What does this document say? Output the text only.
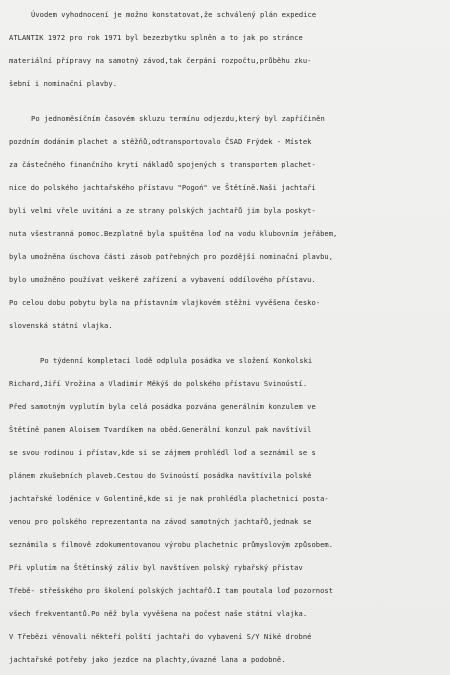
Úvodem vyhodnocení je možno konstatovat,že schválený plán expedice
ATLANTIK 1972 pro rok 1971 byl bezezbytku splněn a to jak po stránce
materiální přípravy na samotný závod,tak čerpání rozpočtu,průběhu zku-
šební i nominační plavby.
Po jednoměsíčním časovém skluzu termínu odjezdu,který byl zapříčiněn
pozdním dodáním plachet a stěžňů,odtransportovalo ČSAD Frýdek - Místek
za částečného finančního krytí nákladů spojených s transportem plachet-
nice do polského jachtařského přístavu "Pogoń" ve Štětíně.Naši jachtaři
byli velmi vřele uvítáni a ze strany polských jachtařů jim byla poskyt-
nuta všestranná pomoc.Bezplatně byla spuštěna loď na vodu klubovním jeřábem,
byla umožněna úschova části zásob potřebných pro pozdější nominační plavbu,
bylo umožněno používat veškeré zařízení a vybavení oddílového přístavu.
Po celou dobu pobytu byla na přístavním vlajkovém stěžni vyvěšena česko-
slovenská státní vlajka.
Po týdenní kompletaci lodě odplula posádka ve složení Konkolski
Richard,Jiří Vrožina a Vladimír Měkýš do polského přístavu Svinoústí.
Před samotným vyplutím byla celá posádka pozvána generálním konzulem ve
Štětíně panem Aloisem Tvardíkem na oběd.Generální konzul pak navštívil
se svou rodinou i přístav,kde si se zájmem prohlédl loď a seznámil se s
plánem zkušebních plaveb.Cestou do Svinoústí posádka navštívila polské
jachtařské loděnice v Golentině,kde si je nak prohlédla plachetnici posta-
venou pro polského reprezentanta na závod samotných jachtařů,jednak se
seznámila s filmově zdokumentovanou výrobu plachetnic průmyslovým způsobem.
Při vplutím na Štětínský záliv byl navštíven polský rybařský přístav
Třebě- střešského pro školení polských jachtařů.I tam poutala loď pozornost
všech frekventantů.Po něž byla vyvěšena na počest naše státní vlajka.
V Třebězi věnovali někteří polští jachtaři do vybavení S/Y Niké drobné
jachtařské potřeby jako jezdce na plachty,úvazné lana a podobně.
